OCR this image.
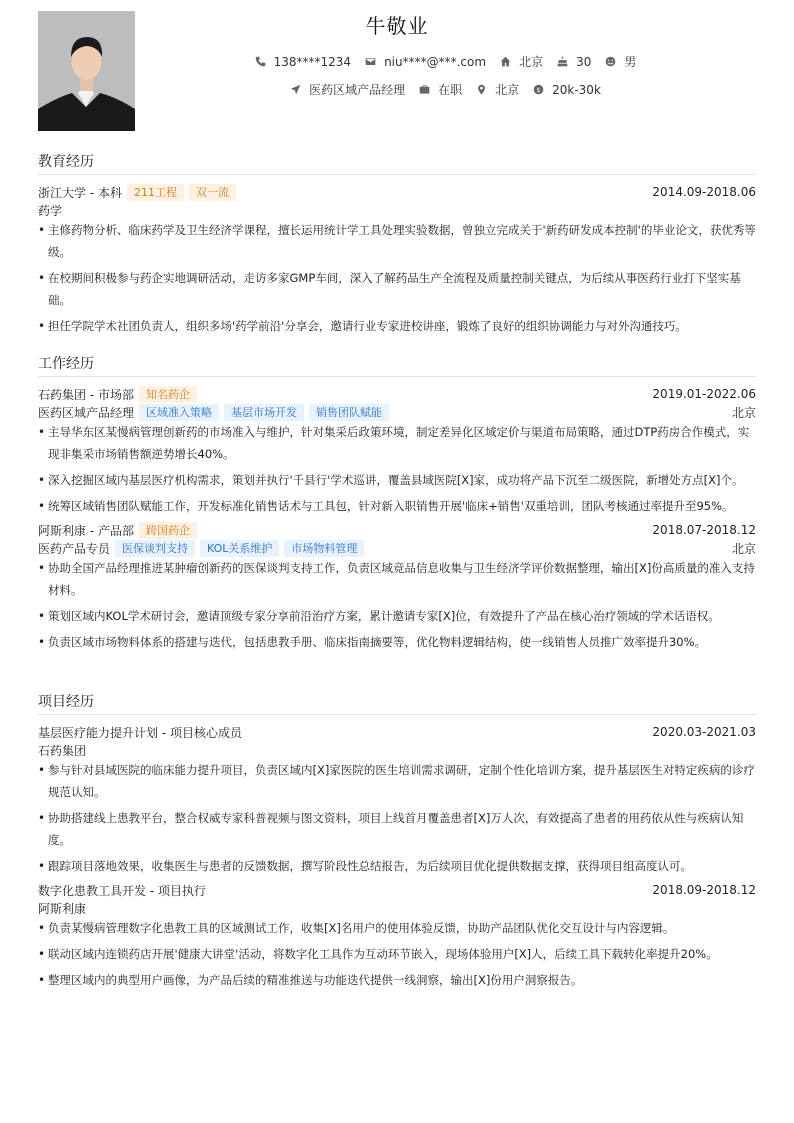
牛敬业
138****1234	niu****@***.com	北京	30	男
医药区域产品经理	在职	北京 $ 20k-30k
教育经历
浙江大学 - 本科	211工程	双一流	2014.09-2018.06
药学
• 主修药物分析、临床药学及卫生经济学课程，擅长运用统计学工具处理实验数据，曾独立完成关于'新药研发成本控制'的毕业论文，获优秀等级。
• 在校期间积极参与药企实地调研活动，走访多家GMP车间，深入了解药品生产全流程及质量控制关键点，为后续从事医药行业打下坚实基础。
• 担任学院学术社团负责人，组织多场'药学前沿'分享会，邀请行业专家进校讲座，锻炼了良好的组织协调能力与对外沟通技巧。
工作经历
石药集团 - 市场部	知名药企	2019.01-2022.06
医药区域产品经理	区域准入策略	基层市场开发	销售团队赋能	北京
• 主导华东区某慢病管理创新药的市场准入与维护，针对集采后政策环境，制定差异化区域定价与渠道布局策略，通过DTP药房合作模式，实现非集采市场销售额逆势增长40%。
• 深入挖掘区域内基层医疗机构需求，策划并执行'千县行'学术巡讲，覆盖县域医院[X]家，成功将产品下沉至二级医院，新增处方点[X]个。
• 统筹区域销售团队赋能工作，开发标准化销售话术与工具包，针对新入职销售开展'临床+销售'双重培训，团队考核通过率提升至95%。
阿斯利康 - 产品部	跨国药企	2018.07-2018.12
医药产品专员	医保谈判支持	KOL关系维护	市场物料管理	北京
• 协助全国产品经理推进某肿瘤创新药的医保谈判支持工作，负责区域竞品信息收集与卫生经济学评价数据整理，输出[X]份高质量的准入支持材料。
• 策划区域内KOL学术研讨会，邀请顶级专家分享前沿治疗方案，累计邀请专家[X]位，有效提升了产品在核心治疗领域的学术话语权。
• 负责区域市场物料体系的搭建与迭代，包括患教手册、临床指南摘要等，优化物料逻辑结构，使一线销售人员推广效率提升30%。
项目经历
基层医疗能力提升计划 - 项目核心成员	2020.03-2021.03
石药集团
• 参与针对县域医院的临床能力提升项目，负责区域内[X]家医院的医生培训需求调研，定制个性化培训方案，提升基层医生对特定疾病的诊疗规范认知。
• 协助搭建线上患教平台，整合权威专家科普视频与图文资料，项目上线首月覆盖患者[X]万人次，有效提高了患者的用药依从性与疾病认知度。
• 跟踪项目落地效果，收集医生与患者的反馈数据，撰写阶段性总结报告，为后续项目优化提供数据支撑，获得项目组高度认可。
数字化患教工具开发 - 项目执行	2018.09-2018.12
阿斯利康
• 负责某慢病管理数字化患教工具的区域测试工作，收集[X]名用户的使用体验反馈，协助产品团队优化交互设计与内容逻辑。
• 联动区域内连锁药店开展'健康大讲堂'活动，将数字化工具作为互动环节嵌入，现场体验用户[X]人，后续工具下载转化率提升20%。
• 整理区域内的典型用户画像，为产品后续的精准推送与功能迭代提供一线洞察，输出[X]份用户洞察报告。
